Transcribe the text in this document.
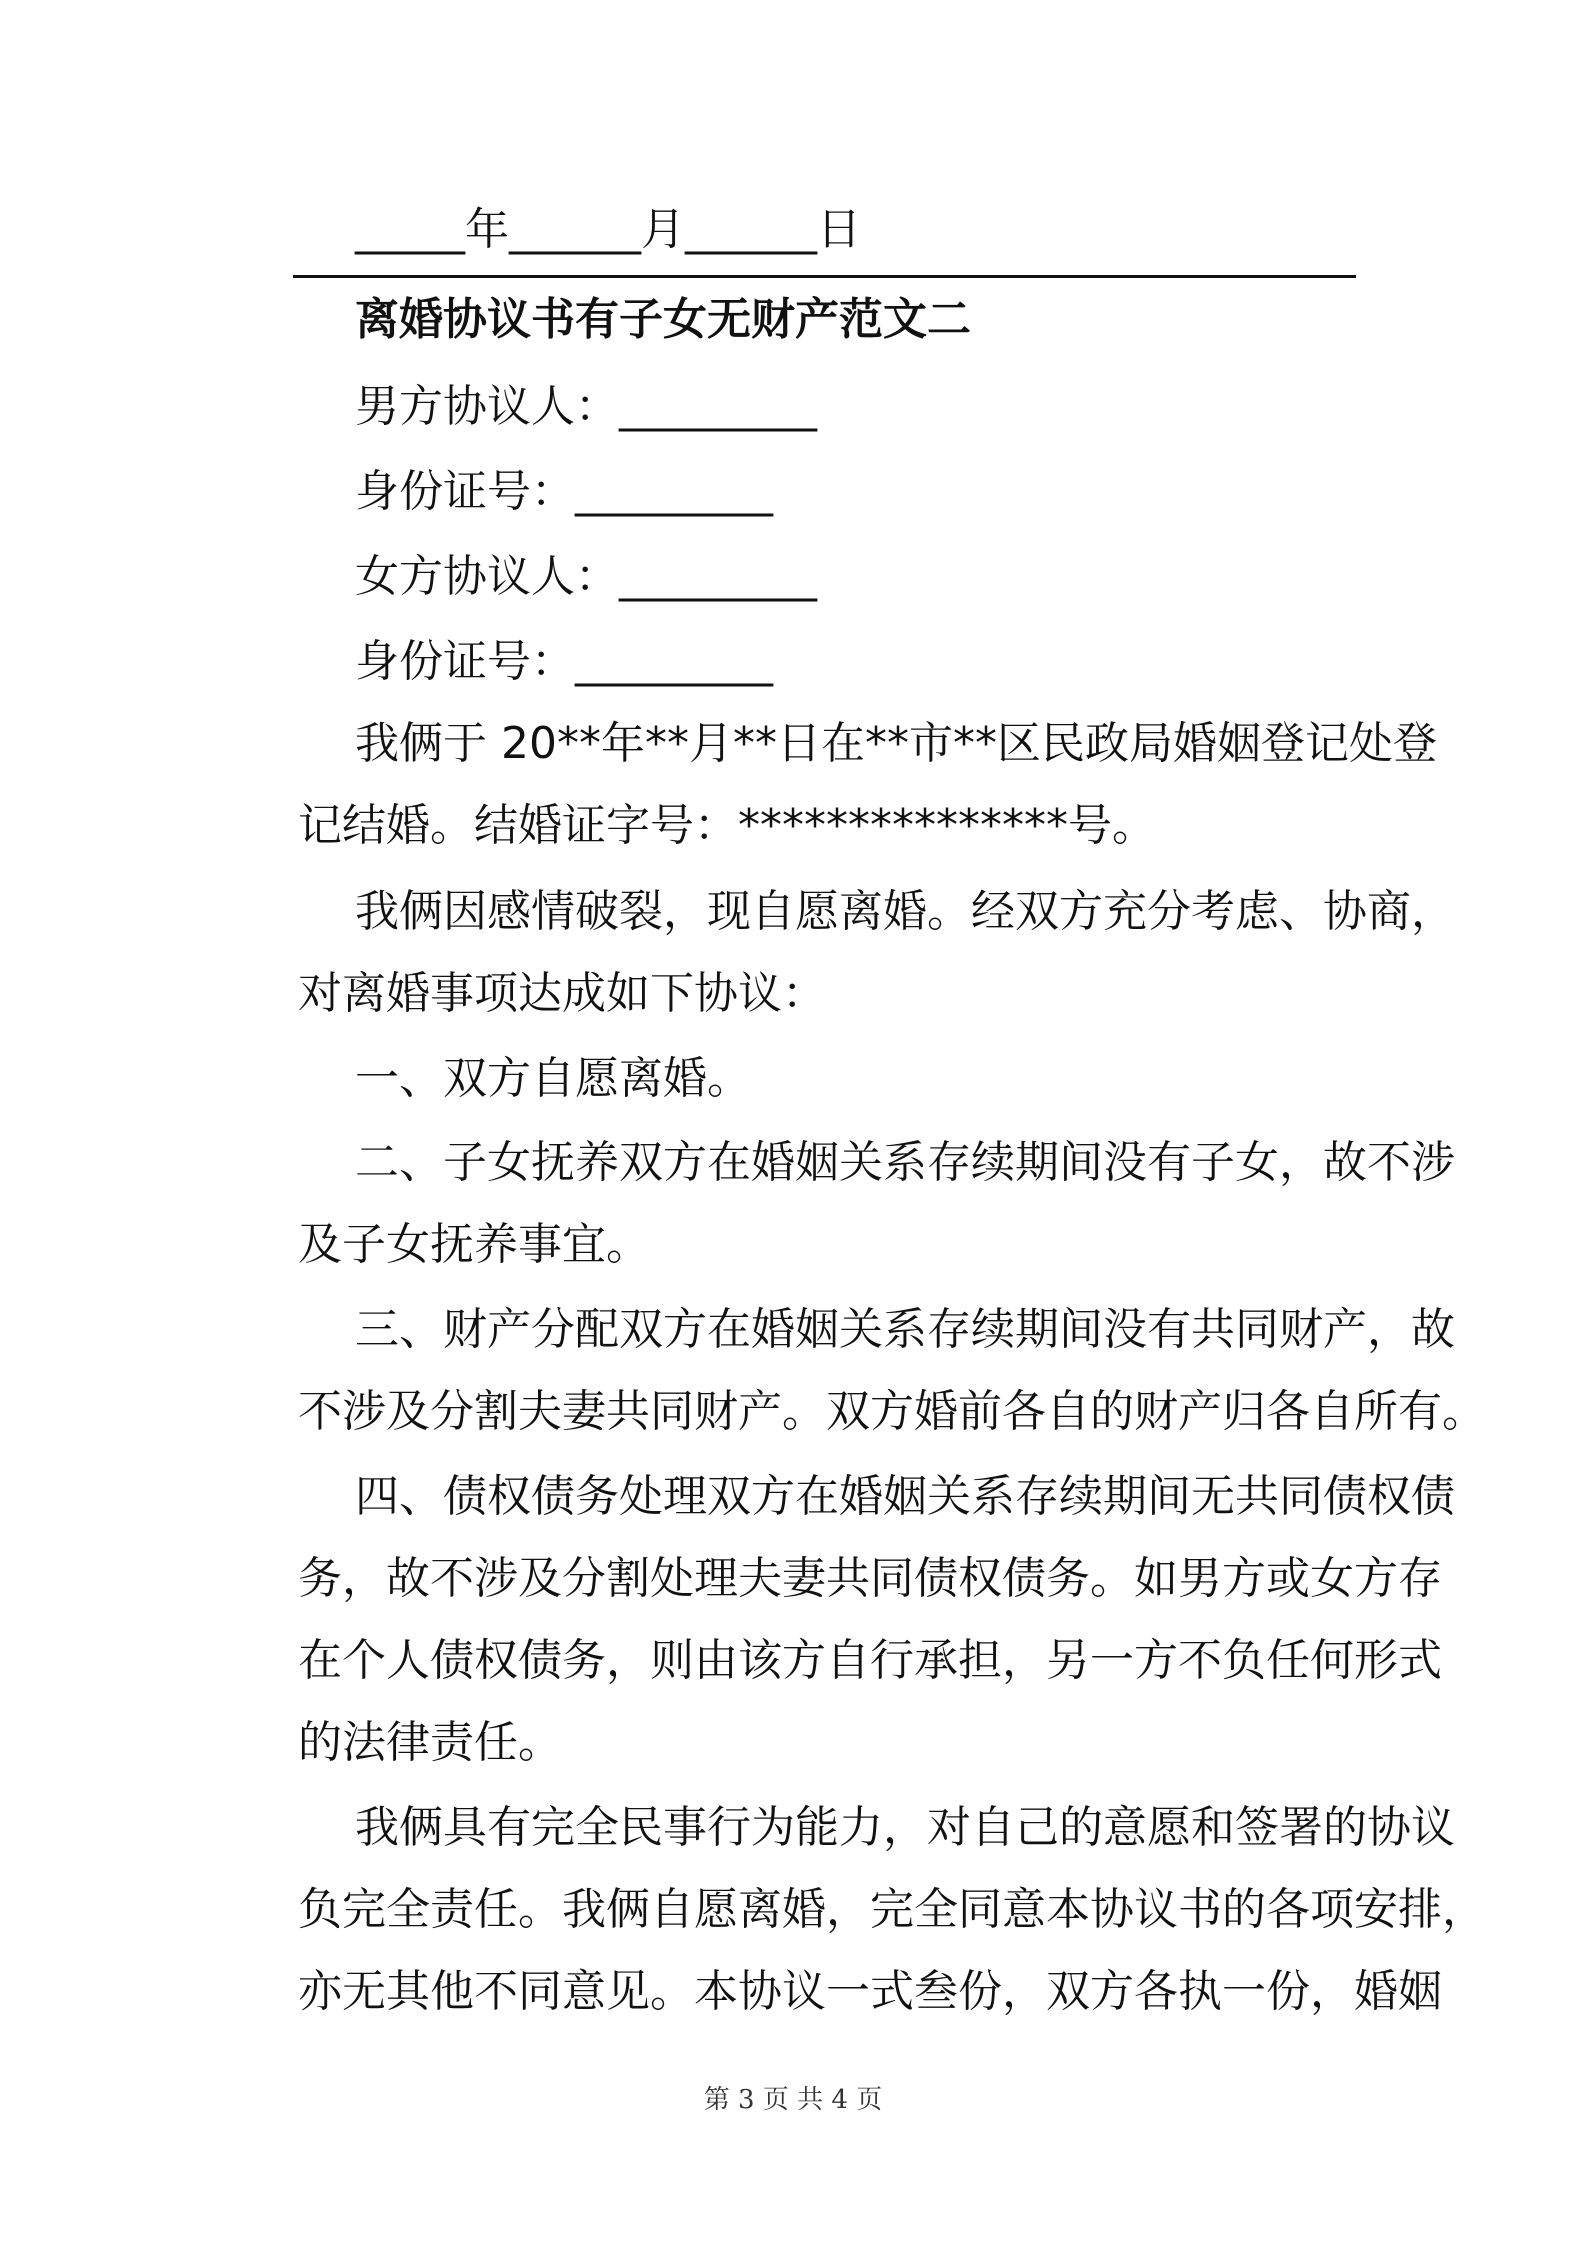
_____年______月______日
离婚协议书有子女无财产范文二
男方协议人：_________
身份证号：_________
女方协议人：_________
身份证号：_________
我俩于 20**年**月**日在**市**区民政局婚姻登记处登
记结婚。结婚证字号：***************号。
我俩因感情破裂，现自愿离婚。经双方充分考虑、协商，
对离婚事项达成如下协议：
一、双方自愿离婚。
二、子女抚养双方在婚姻关系存续期间没有子女，故不涉
及子女抚养事宜。
三、财产分配双方在婚姻关系存续期间没有共同财产，故
不涉及分割夫妻共同财产。双方婚前各自的财产归各自所有。
四、债权债务处理双方在婚姻关系存续期间无共同债权债
务，故不涉及分割处理夫妻共同债权债务。如男方或女方存
在个人债权债务，则由该方自行承担，另一方不负任何形式
的法律责任。
我俩具有完全民事行为能力，对自己的意愿和签署的协议
负完全责任。我俩自愿离婚，完全同意本协议书的各项安排，
亦无其他不同意见。本协议一式叁份，双方各执一份，婚姻
第 3 页 共 4 页
